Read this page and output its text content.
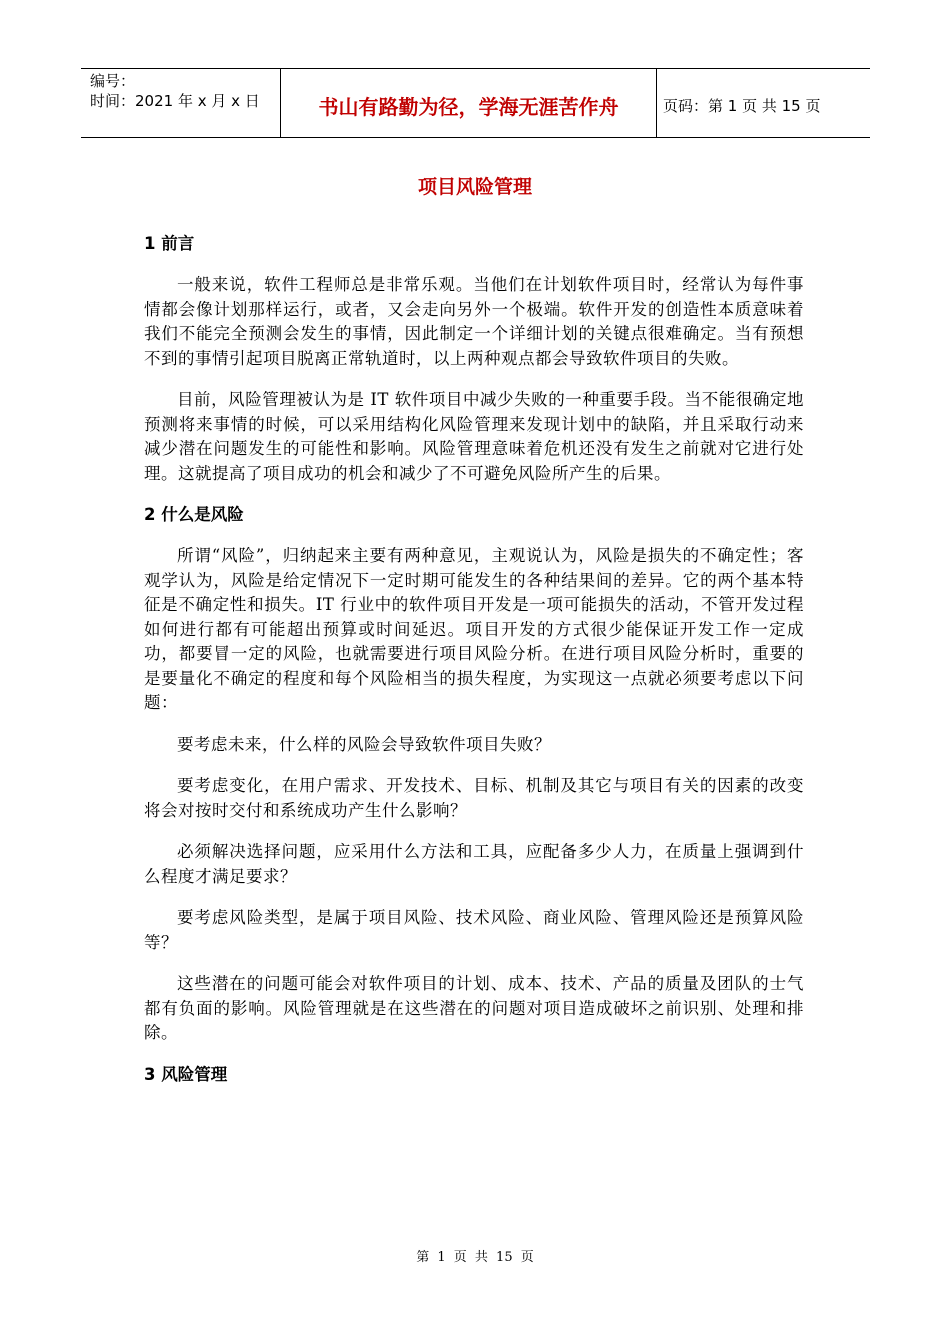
编号：
时间：2021 年 x 月 x 日	书山有路勤为径，学海无涯苦作舟	页码：第 1 页 共 15 页
项目风险管理
1 前言

一般来说，软件工程师总是非常乐观。当他们在计划软件项目时，经常认为每件事情都会像计划那样运行，或者，又会走向另外一个极端。软件开发的创造性本质意味着我们不能完全预测会发生的事情，因此制定一个详细计划的关键点很难确定。当有预想不到的事情引起项目脱离正常轨道时，以上两种观点都会导致软件项目的失败。

目前，风险管理被认为是 IT 软件项目中减少失败的一种重要手段。当不能很确定地预测将来事情的时候，可以采用结构化风险管理来发现计划中的缺陷，并且采取行动来减少潜在问题发生的可能性和影响。风险管理意味着危机还没有发生之前就对它进行处理。这就提高了项目成功的机会和减少了不可避免风险所产生的后果。

2 什么是风险

所谓“风险”，归纳起来主要有两种意见，主观说认为，风险是损失的不确定性；客观学认为，风险是给定情况下一定时期可能发生的各种结果间的差异。它的两个基本特征是不确定性和损失。IT 行业中的软件项目开发是一项可能损失的活动，不管开发过程如何进行都有可能超出预算或时间延迟。项目开发的方式很少能保证开发工作一定成功，都要冒一定的风险，也就需要进行项目风险分析。在进行项目风险分析时，重要的是要量化不确定的程度和每个风险相当的损失程度，为实现这一点就必须要考虑以下问题：

要考虑未来，什么样的风险会导致软件项目失败？

要考虑变化，在用户需求、开发技术、目标、机制及其它与项目有关的因素的改变将会对按时交付和系统成功产生什么影响？

必须解决选择问题，应采用什么方法和工具，应配备多少人力，在质量上强调到什么程度才满足要求？

要考虑风险类型，是属于项目风险、技术风险、商业风险、管理风险还是预算风险等？

这些潜在的问题可能会对软件项目的计划、成本、技术、产品的质量及团队的士气都有负面的影响。风险管理就是在这些潜在的问题对项目造成破坏之前识别、处理和排除。

3 风险管理
第 1 页 共 15 页
